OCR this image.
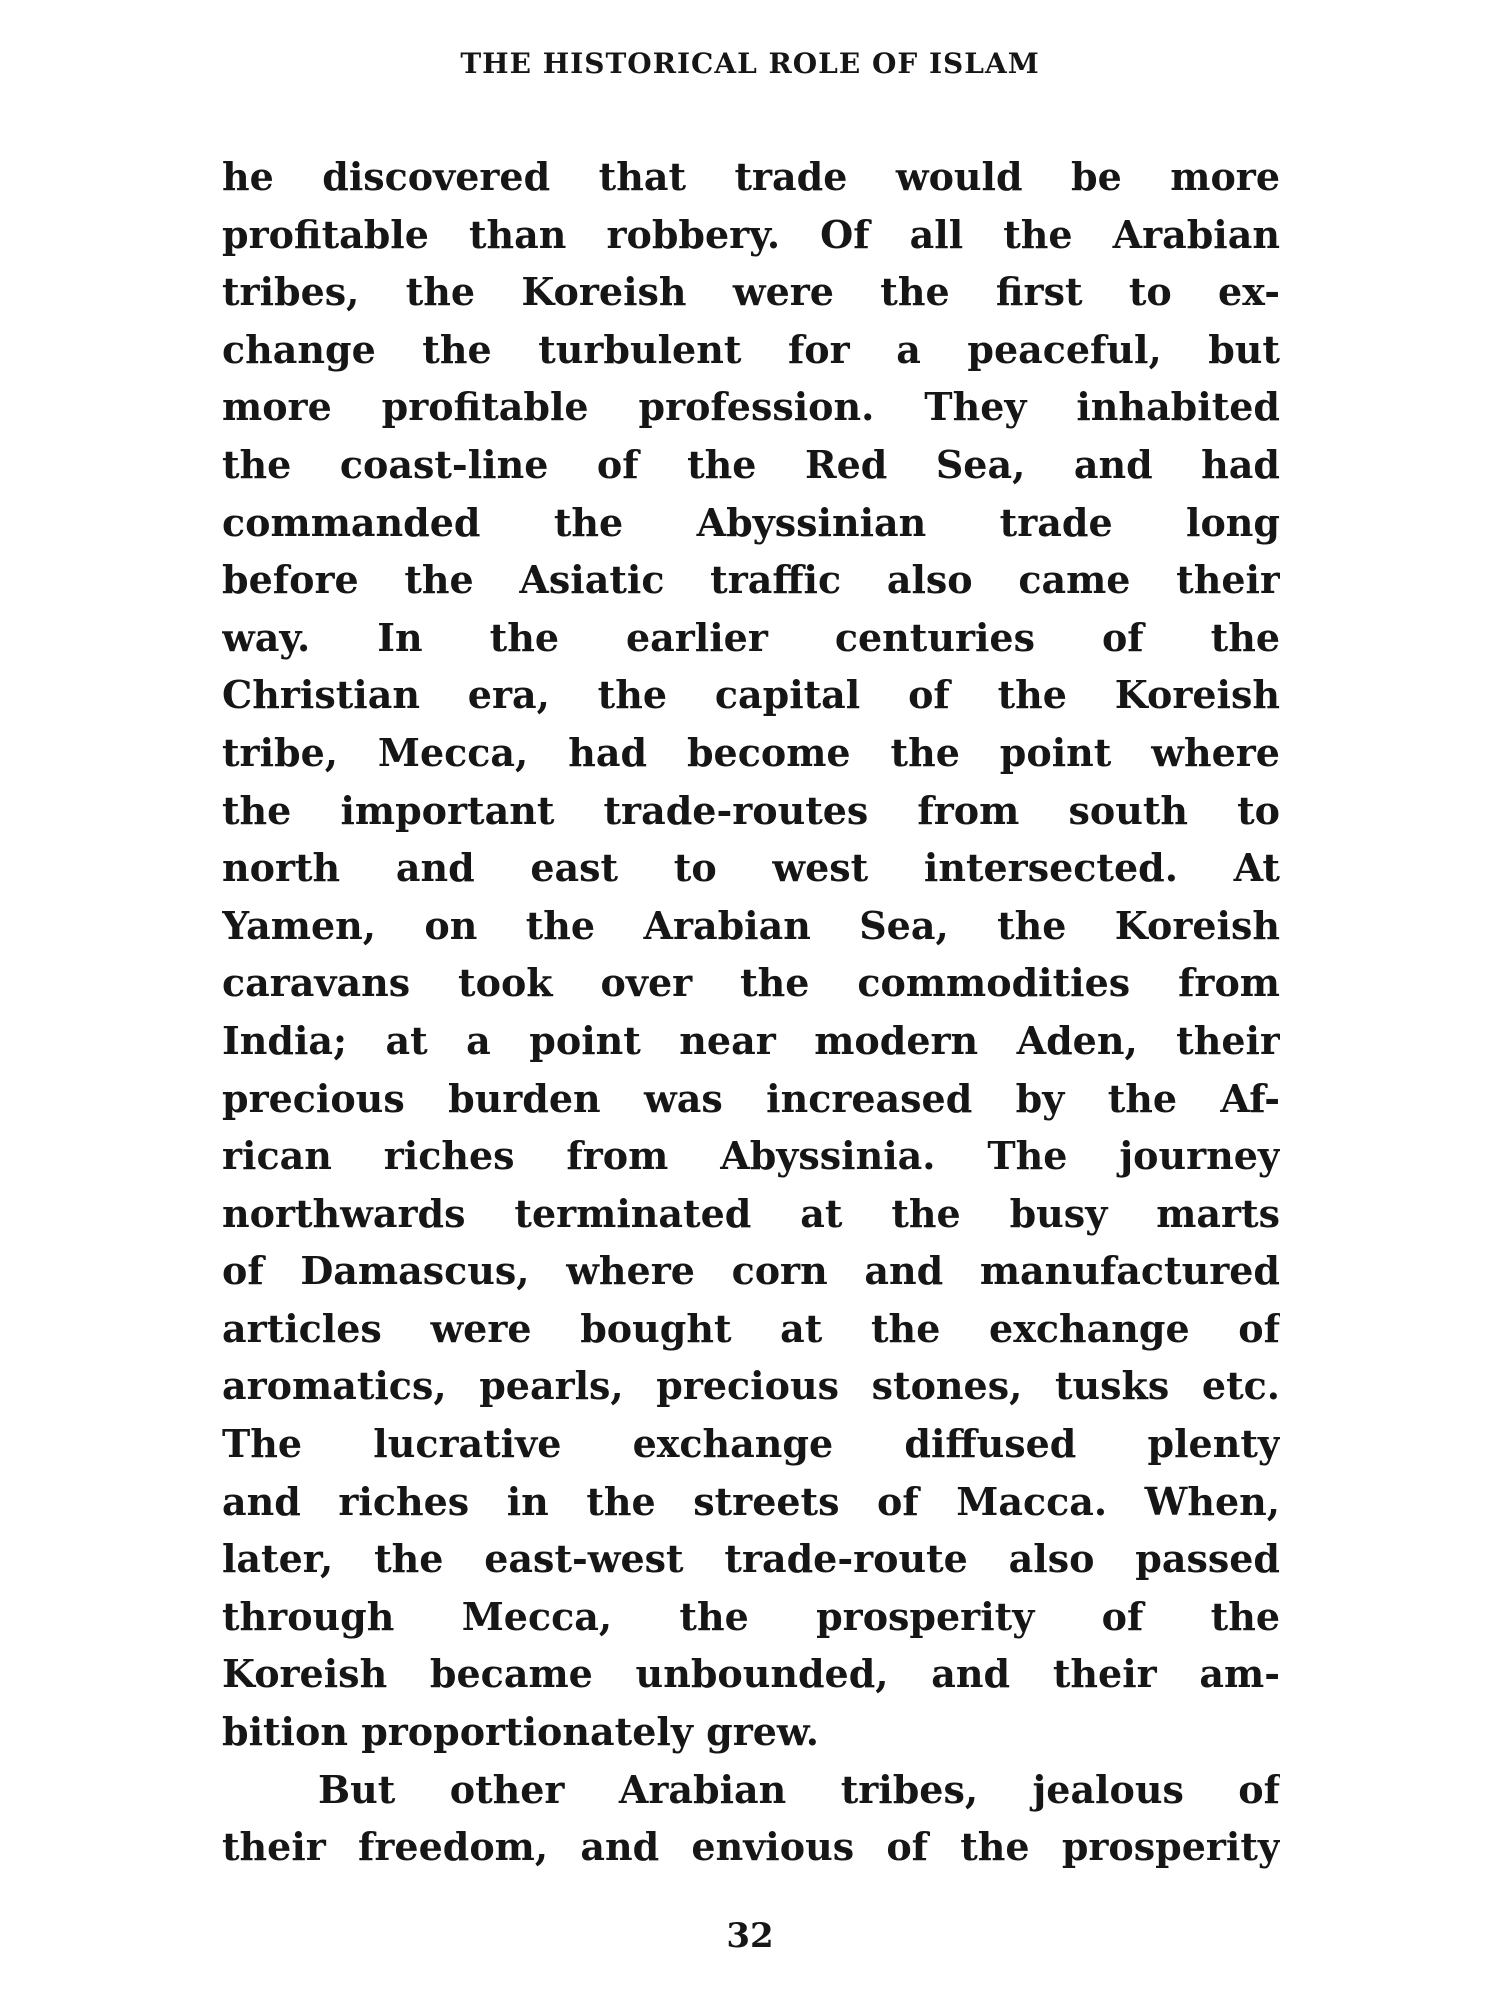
THE HISTORICAL ROLE OF ISLAM
he discovered that trade would be more
profitable than robbery. Of all the Arabian
tribes, the Koreish were the first to ex-
change the turbulent for a peaceful, but
more profitable profession. They inhabited
the coast-line of the Red Sea, and had
commanded the Abyssinian trade long
before the Asiatic traffic also came their
way. In the earlier centuries of the
Christian era, the capital of the Koreish
tribe, Mecca, had become the point where
the important trade-routes from south to
north and east to west intersected. At
Yamen, on the Arabian Sea, the Koreish
caravans took over the commodities from
India; at a point near modern Aden, their
precious burden was increased by the Af-
rican riches from Abyssinia. The journey
northwards terminated at the busy marts
of Damascus, where corn and manufactured
articles were bought at the exchange of
aromatics, pearls, precious stones, tusks etc.
The lucrative exchange diffused plenty
and riches in the streets of Macca. When,
later, the east-west trade-route also passed
through Mecca, the prosperity of the
Koreish became unbounded, and their am-
bition proportionately grew.
But other Arabian tribes, jealous of
their freedom, and envious of the prosperity
32
